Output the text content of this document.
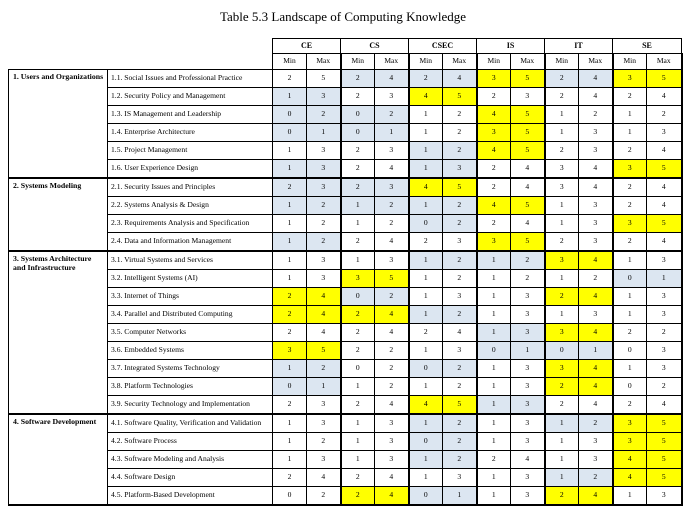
Table 5.3 Landscape of Computing Knowledge
		CE		CS		CSEC		IS		IT		SE	
		Min	Max	Min	Max	Min	Max	Min	Max	Min	Max	Min	Max
1. Users and Organizations	1.1. Social Issues and Professional Practice	2	5	2	4	2	4	3	5	2	4	3	5
	1.2. Security Policy and Management	1	3	2	3	4	5	2	3	2	4	2	4
	1.3. IS Management and Leadership	0	2	0	2	1	2	4	5	1	2	1	2
	1.4. Enterprise Architecture	0	1	0	1	1	2	3	5	1	3	1	3
	1.5. Project Management	1	3	2	3	1	2	4	5	2	3	2	4
	1.6. User Experience Design	1	3	2	4	1	3	2	4	3	4	3	5
2. Systems Modeling	2.1. Security Issues and Principles	2	3	2	3	4	5	2	4	3	4	2	4
	2.2. Systems Analysis & Design	1	2	1	2	1	2	4	5	1	3	2	4
	2.3. Requirements Analysis and Specification	1	2	1	2	0	2	2	4	1	3	3	5
	2.4. Data and Information Management	1	2	2	4	2	3	3	5	2	3	2	4
3. Systems Architecture and Infrastructure	3.1. Virtual Systems and Services	1	3	1	3	1	2	1	2	3	4	1	3
	3.2. Intelligent Systems (AI)	1	3	3	5	1	2	1	2	1	2	0	1
	3.3. Internet of Things	2	4	0	2	1	3	1	3	2	4	1	3
	3.4. Parallel and Distributed Computing	2	4	2	4	1	2	1	3	1	3	1	3
	3.5. Computer Networks	2	4	2	4	2	4	1	3	3	4	2	2
	3.6. Embedded Systems	3	5	2	2	1	3	0	1	0	1	0	3
	3.7. Integrated Systems Technology	1	2	0	2	0	2	1	3	3	4	1	3
	3.8. Platform Technologies	0	1	1	2	1	2	1	3	2	4	0	2
	3.9. Security Technology and Implementation	2	3	2	4	4	5	1	3	2	4	2	4
4. Software Development	4.1. Software Quality, Verification and Validation	1	3	1	3	1	2	1	3	1	2	3	5
	4.2. Software Process	1	2	1	3	0	2	1	3	1	3	3	5
	4.3. Software Modeling and Analysis	1	3	1	3	1	2	2	4	1	3	4	5
	4.4. Software Design	2	4	2	4	1	3	1	3	1	2	4	5
	4.5. Platform-Based Development	0	2	2	4	0	1	1	3	2	4	1	3
